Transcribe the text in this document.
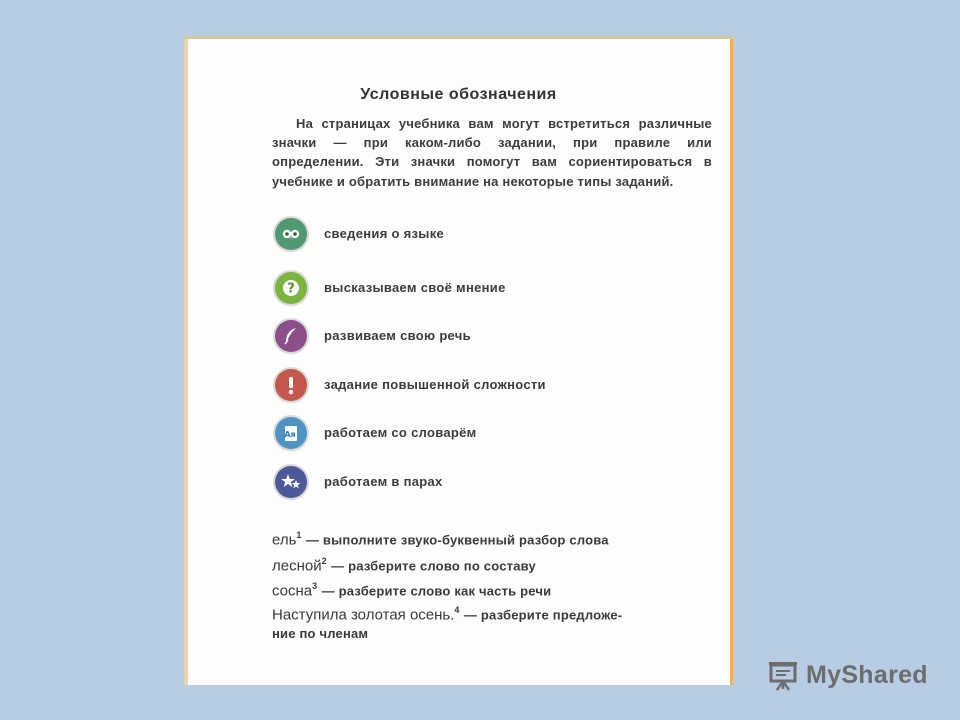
Условные обозначения
На страницах учебника вам могут встретиться различные значки — при каком-либо задании, при правиле или определении. Эти значки помогут вам сориентироваться в учебнике и обратить внимание на некоторые типы заданий.
сведения о языке
? высказываем своё мнение
развиваем свою речь
задание повышенной сложности
Aя работаем со словарём
работаем в парах
ель$^1$ — выполните звуко-буквенный разбор слова
лесной$^2$ — разберите слово по составу
сосна$^3$ — разберите слово как часть речи
Наступила золотая осень.$^4$ — разберите предложе-
ние по членам
MyShared
